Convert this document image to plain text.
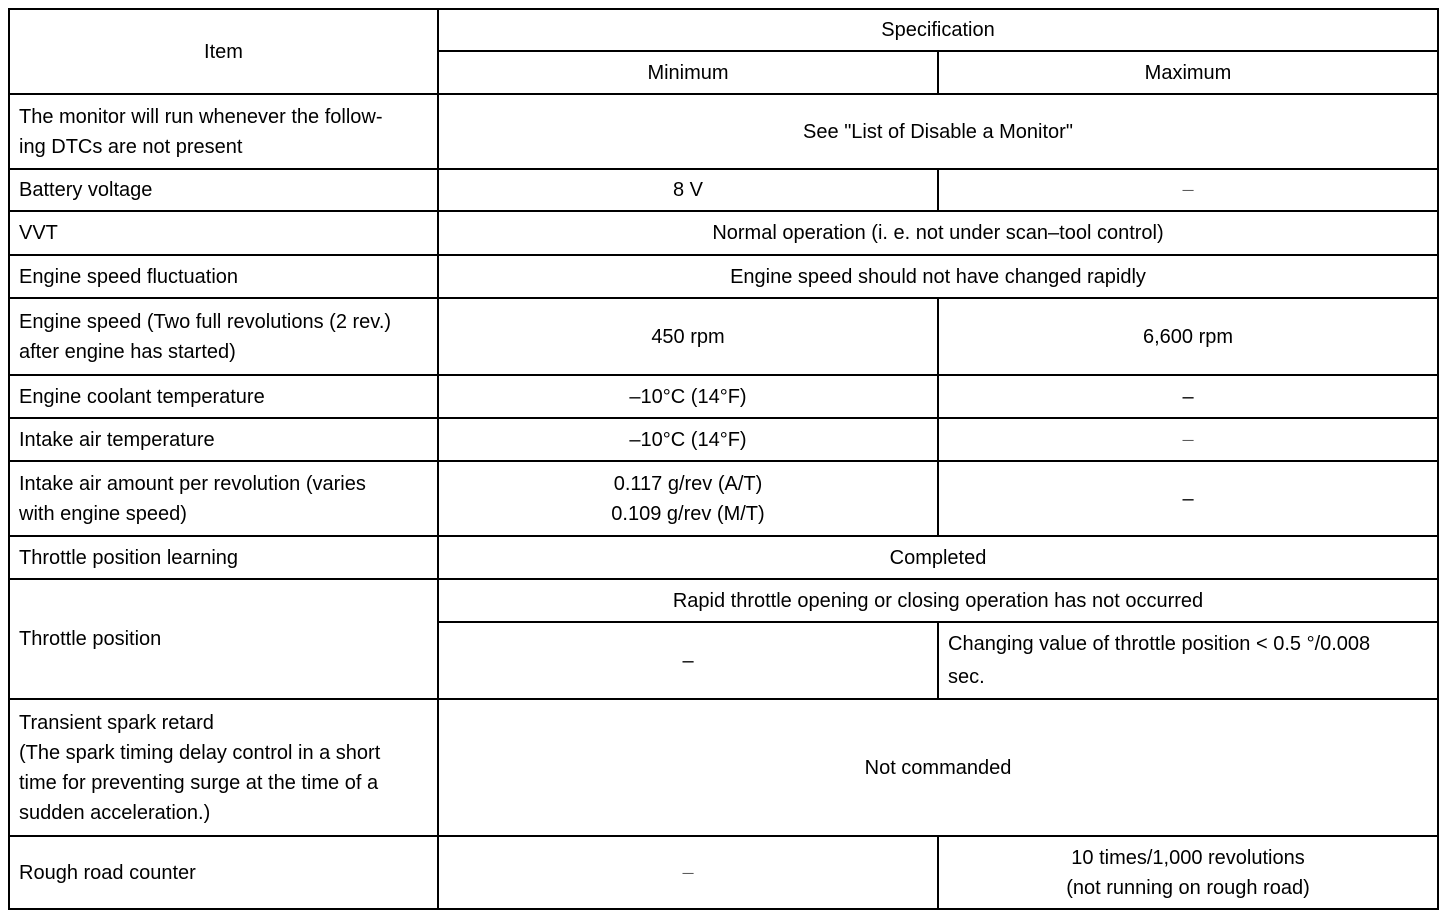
Item	Specification	
	Minimum	Maximum

The monitor will run whenever the follow-
ing DTCs are not present	See "List of Disable a Monitor"	
Battery voltage	8 V	–
VVT	Normal operation (i. e. not under scan–tool control)	
Engine speed fluctuation	Engine speed should not have changed rapidly	

Engine speed (Two full revolutions (2 rev.)
after engine has started)	450 rpm	6,600 rpm
Engine coolant temperature	–10°C (14°F)	–
Intake air temperature	–10°C (14°F)	–

Intake air amount per revolution (varies
with engine speed)	0.117 g/rev (A/T)
0.109 g/rev (M/T)	–
Throttle position learning	Completed	
Throttle position	Rapid throttle opening or closing operation has not occurred	
	–	Changing value of throttle position < 0.5 °/0.008
sec.

Transient spark retard
(The spark timing delay control in a short
time for preventing surge at the time of a
sudden acceleration.)	Not commanded	
Rough road counter	–	10 times/1,000 revolutions
(not running on rough road)
